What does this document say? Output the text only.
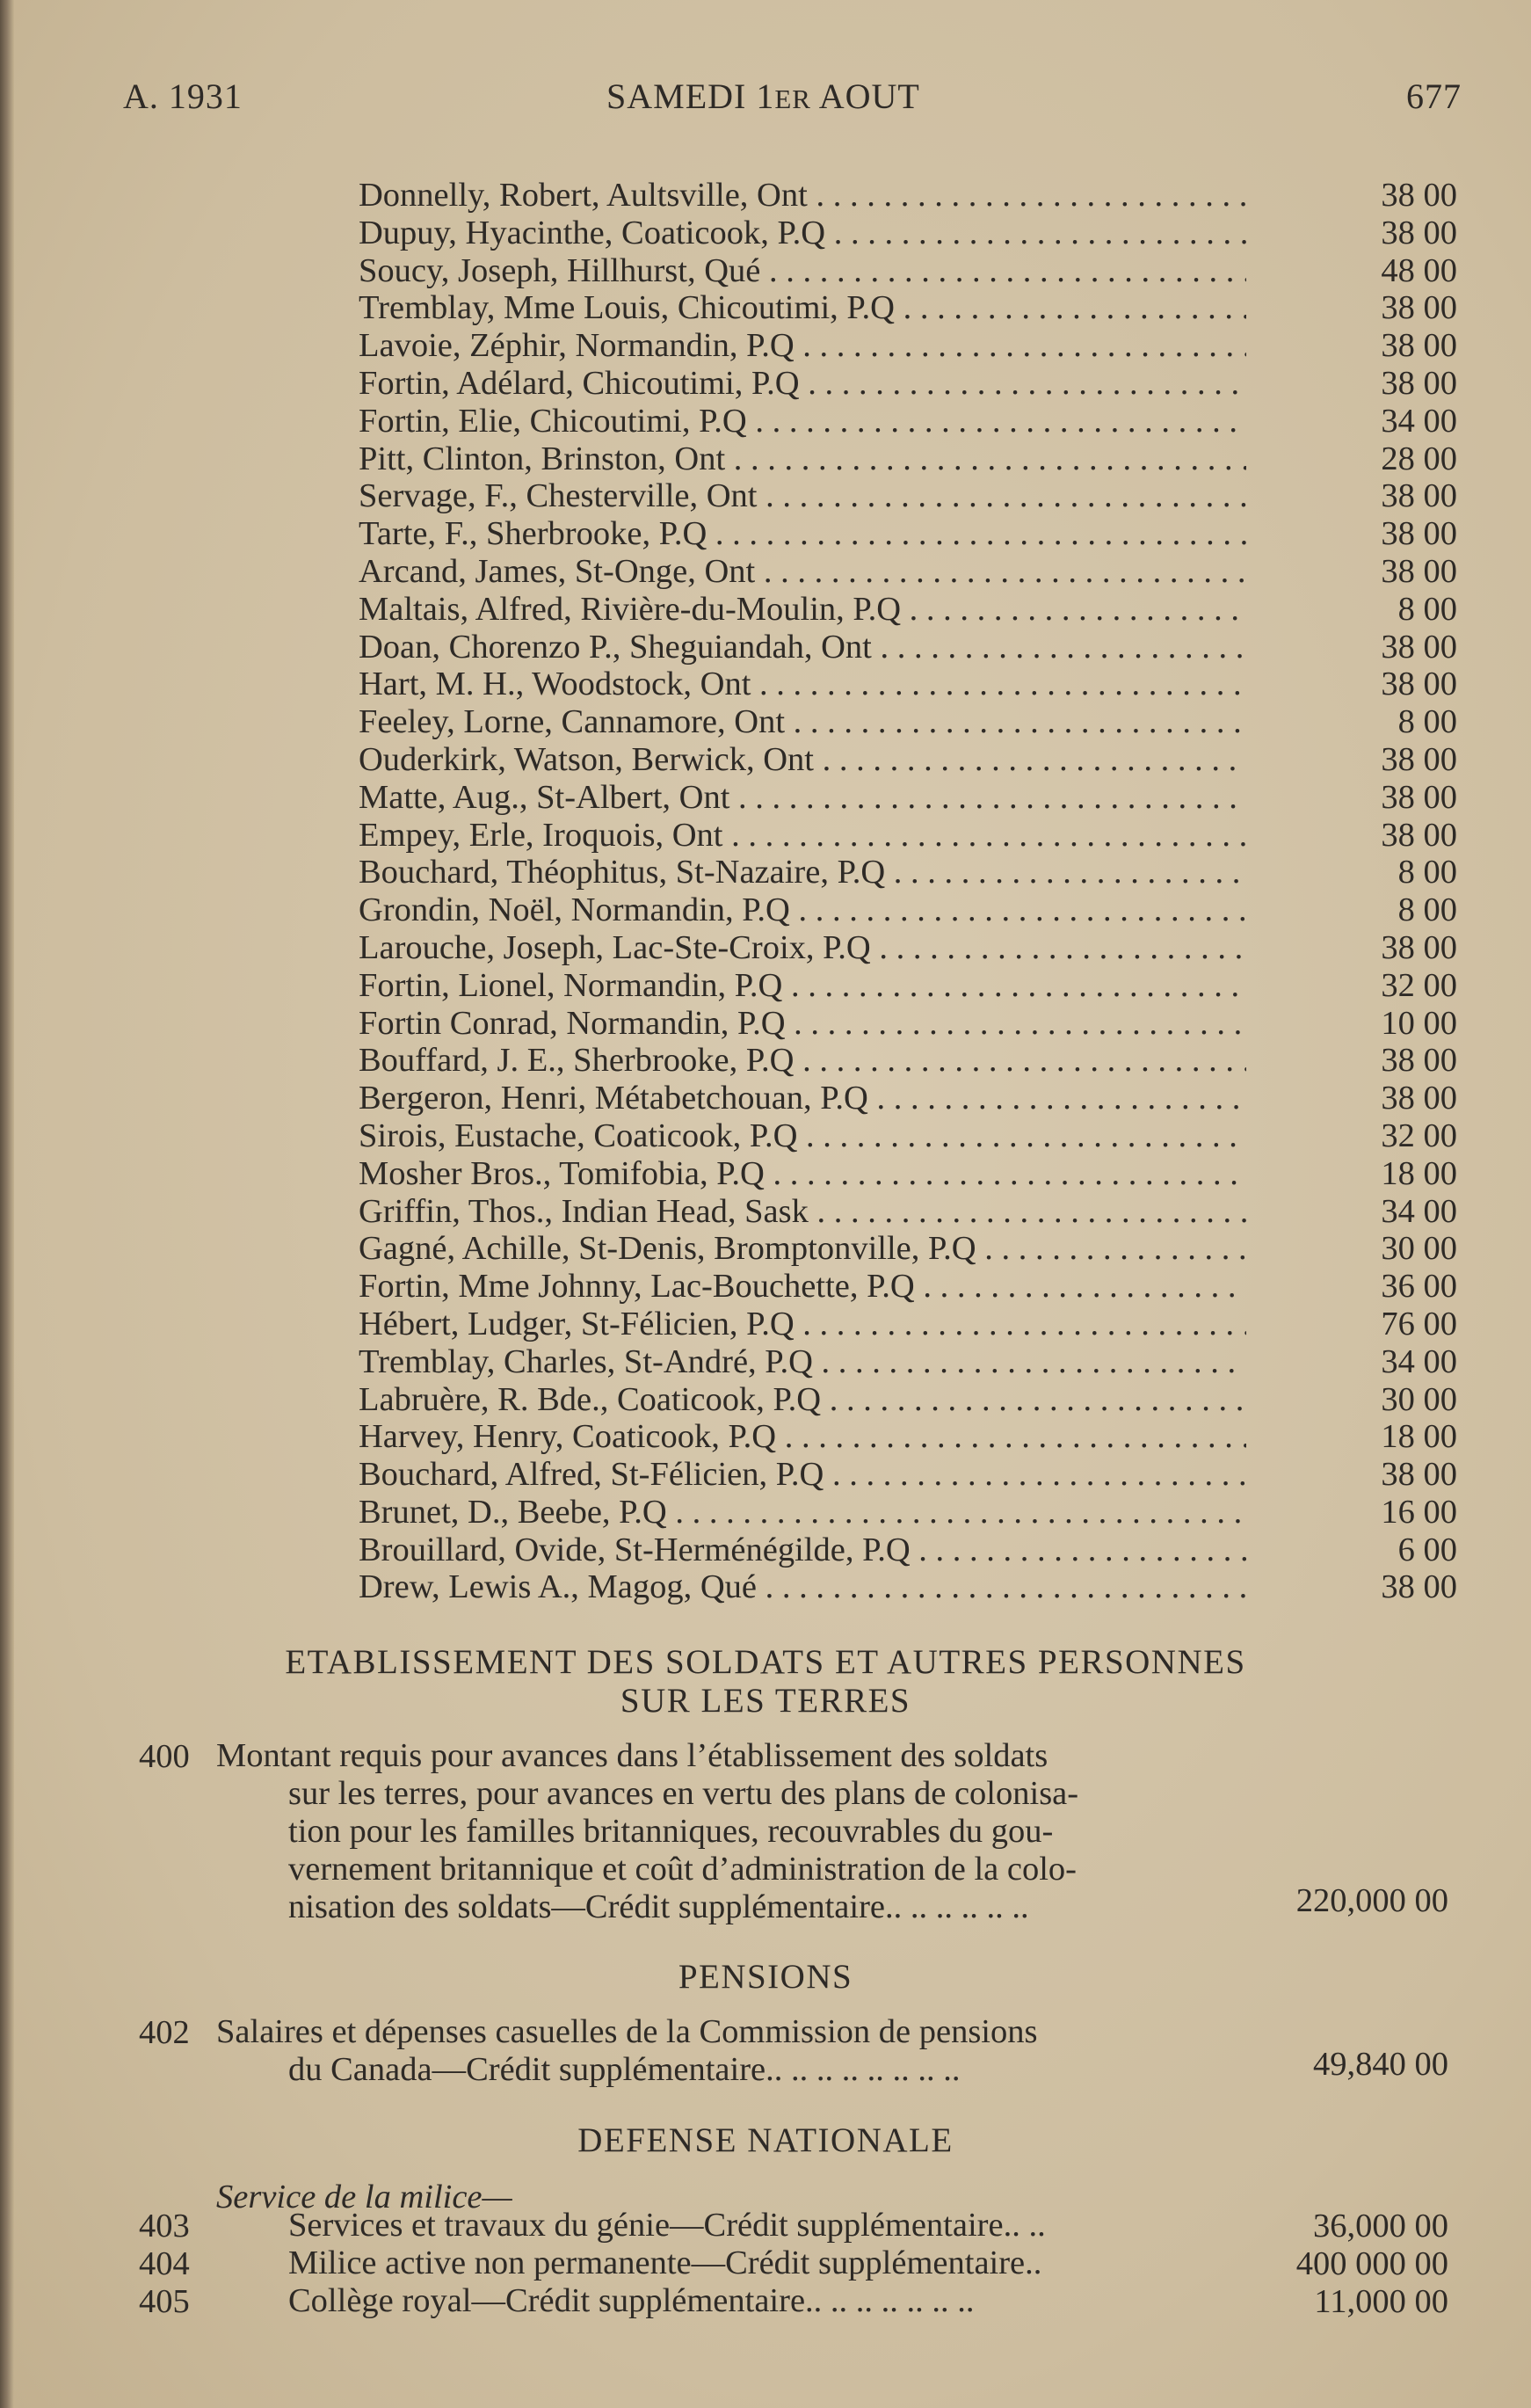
A. 1931	SAMEDI 1ER AOUT	677
Donnelly, Robert, Aultsville, Ont . . .	38 00
Dupuy, Hyacinthe, Coaticook, P.Q . . .	38 00
Soucy, Joseph, Hillhurst, Qué . . .	48 00
Tremblay, Mme Louis, Chicoutimi, P.Q . . .	38 00
Lavoie, Zéphir, Normandin, P.Q . . .	38 00
Fortin, Adélard, Chicoutimi, P.Q . . .	38 00
Fortin, Elie, Chicoutimi, P.Q . . .	34 00
Pitt, Clinton, Brinston, Ont . . .	28 00
Servage, F., Chesterville, Ont . . .	38 00
Tarte, F., Sherbrooke, P.Q . . .	38 00
Arcand, James, St-Onge, Ont . . .	38 00
Maltais, Alfred, Rivière-du-Moulin, P.Q . . .	8 00
Doan, Chorenzo P., Sheguiandah, Ont . . .	38 00
Hart, M. H., Woodstock, Ont . . .	38 00
Feeley, Lorne, Cannamore, Ont . . .	8 00
Ouderkirk, Watson, Berwick, Ont . . .	38 00
Matte, Aug., St-Albert, Ont . . .	38 00
Empey, Erle, Iroquois, Ont . . .	38 00
Bouchard, Théophitus, St-Nazaire, P.Q . . .	8 00
Grondin, Noël, Normandin, P.Q . . .	8 00
Larouche, Joseph, Lac-Ste-Croix, P.Q . . .	38 00
Fortin, Lionel, Normandin, P.Q . . .	32 00
Fortin Conrad, Normandin, P.Q . . .	10 00
Bouffard, J. E., Sherbrooke, P.Q . . .	38 00
Bergeron, Henri, Métabetchouan, P.Q . . .	38 00
Sirois, Eustache, Coaticook, P.Q . . .	32 00
Mosher Bros., Tomifobia, P.Q . . .	18 00
Griffin, Thos., Indian Head, Sask . . .	34 00
Gagné, Achille, St-Denis, Bromptonville, P.Q . . .	30 00
Fortin, Mme Johnny, Lac-Bouchette, P.Q . . .	36 00
Hébert, Ludger, St-Félicien, P.Q . . .	76 00
Tremblay, Charles, St-André, P.Q . . .	34 00
Labruère, R. Bde., Coaticook, P.Q . . .	30 00
Harvey, Henry, Coaticook, P.Q . . .	18 00
Bouchard, Alfred, St-Félicien, P.Q . . .	38 00
Brunet, D., Beebe, P.Q . . .	16 00
Brouillard, Ovide, St-Herménégilde, P.Q . . .	6 00
Drew, Lewis A., Magog, Qué . . .	38 00
ETABLISSEMENT DES SOLDATS ET AUTRES PERSONNES
SUR LES TERRES
400 Montant requis pour avances dans l’établissement des soldats
sur les terres, pour avances en vertu des plans de colonisa-
tion pour les familles britanniques, recouvrables du gou-
vernement britannique et coût d’administration de la colo-
nisation des soldats—Crédit supplémentaire.. .. .. .. .. ..	220,000 00
PENSIONS
402 Salaires et dépenses casuelles de la Commission de pensions
du Canada—Crédit supplémentaire.. .. .. .. .. .. .. ..	49,840 00
DEFENSE NATIONALE
Service de la milice—
403	Services et travaux du génie—Crédit supplémentaire.. ..	36,000 00
404	Milice active non permanente—Crédit supplémentaire..	400 000 00
405	Collège royal—Crédit supplémentaire.. .. .. .. .. .. ..	11,000 00
